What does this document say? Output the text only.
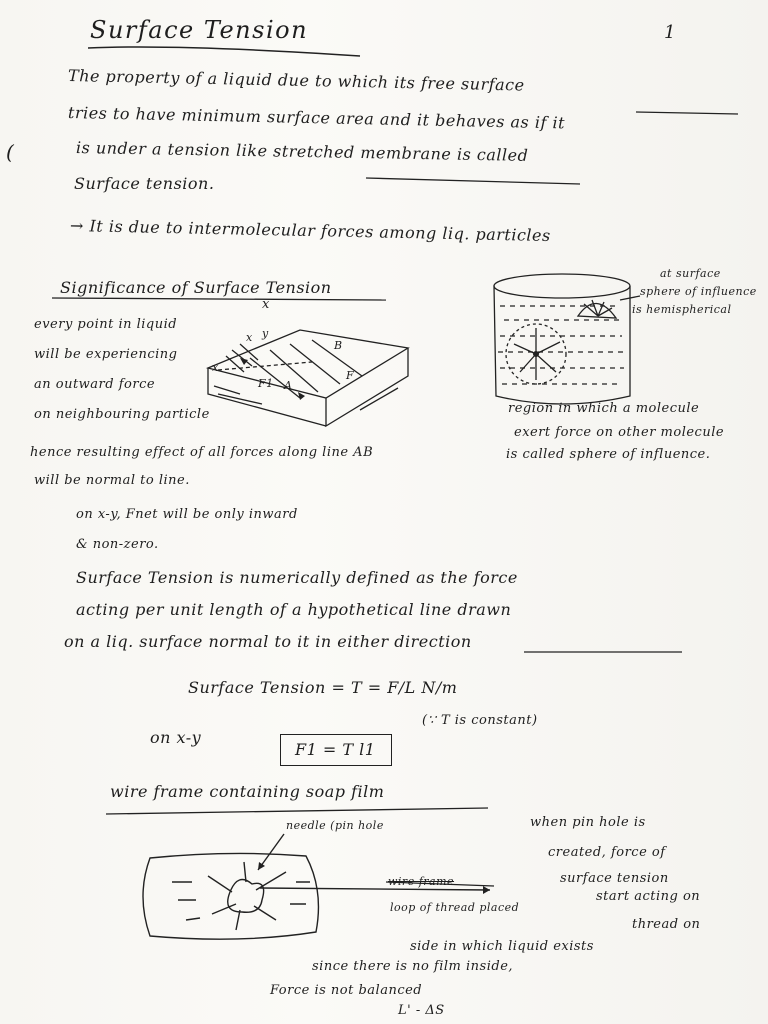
Surface Tension	1
(
The property of a liquid due to which its free surface
tries to have minimum surface area and it behaves as if it
is under a tension like stretched membrane is called
Surface tension.
→ It is due to intermolecular forces among liq. particles
Significance of Surface Tension
x
every point in liquid
will be experiencing
an outward force
on neighbouring particle
x y
x
F1 A
B
F
at surface
sphere of influence
is hemispherical
region in which a molecule
exert force on other molecule
is called sphere of influence.
hence resulting effect of all forces along line AB
will be normal to line.
on x-y, Fnet will be only inward
& non-zero.
Surface Tension is numerically defined as the force
acting per unit length of a hypothetical line drawn
on a liq. surface normal to it in either direction
Surface Tension = T = F/L N/m
on x-y
F1 = T l1
(∵ T is constant)
wire frame containing soap film
needle (pin hole
wire frame
loop of thread placed
when pin hole is
created, force of
surface tension
start acting on
thread on
side in which liquid exists
since there is no film inside,
Force is not balanced
L' - ΔS
